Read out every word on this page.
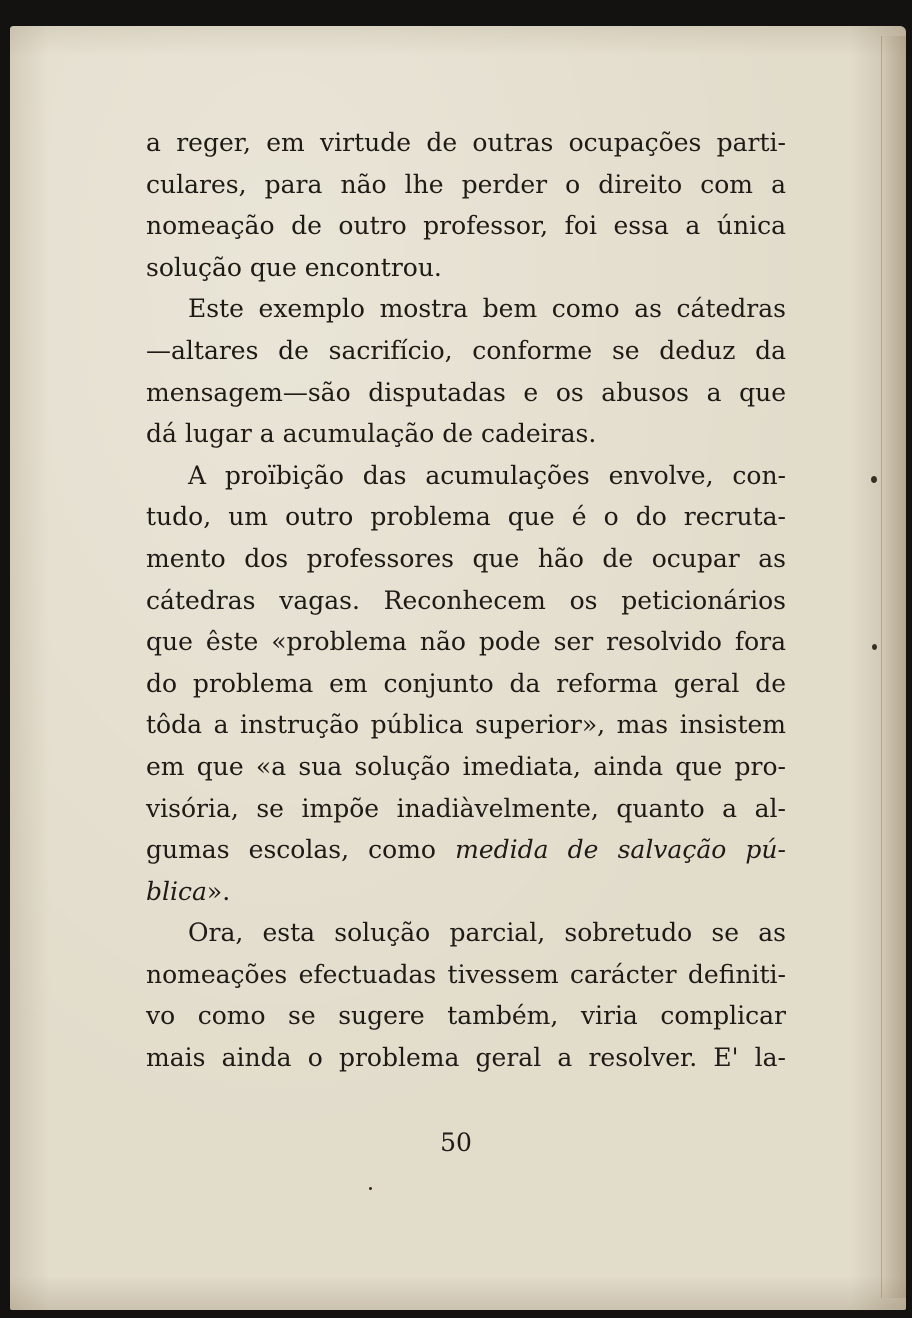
a reger, em virtude de outras ocupações parti-
culares, para não lhe perder o direito com a
nomeação de outro professor, foi essa a única
solução que encontrou.
Este exemplo mostra bem como as cátedras
—altares de sacrifício, conforme se deduz da
mensagem—são disputadas e os abusos a que
dá lugar a acumulação de cadeiras.
A proïbição das acumulações envolve, con-
tudo, um outro problema que é o do recruta-
mento dos professores que hão de ocupar as
cátedras vagas. Reconhecem os peticionários
que êste «problema não pode ser resolvido fora
do problema em conjunto da reforma geral de
tôda a instrução pública superior», mas insistem
em que «a sua solução imediata, ainda que pro-
visória, se impõe inadiàvelmente, quanto a al-
gumas escolas, como medida de salvação pú-
blica».
Ora, esta solução parcial, sobretudo se as
nomeações efectuadas tivessem carácter definiti-
vo como se sugere também, viria complicar
mais ainda o problema geral a resolver. E' la-
50
